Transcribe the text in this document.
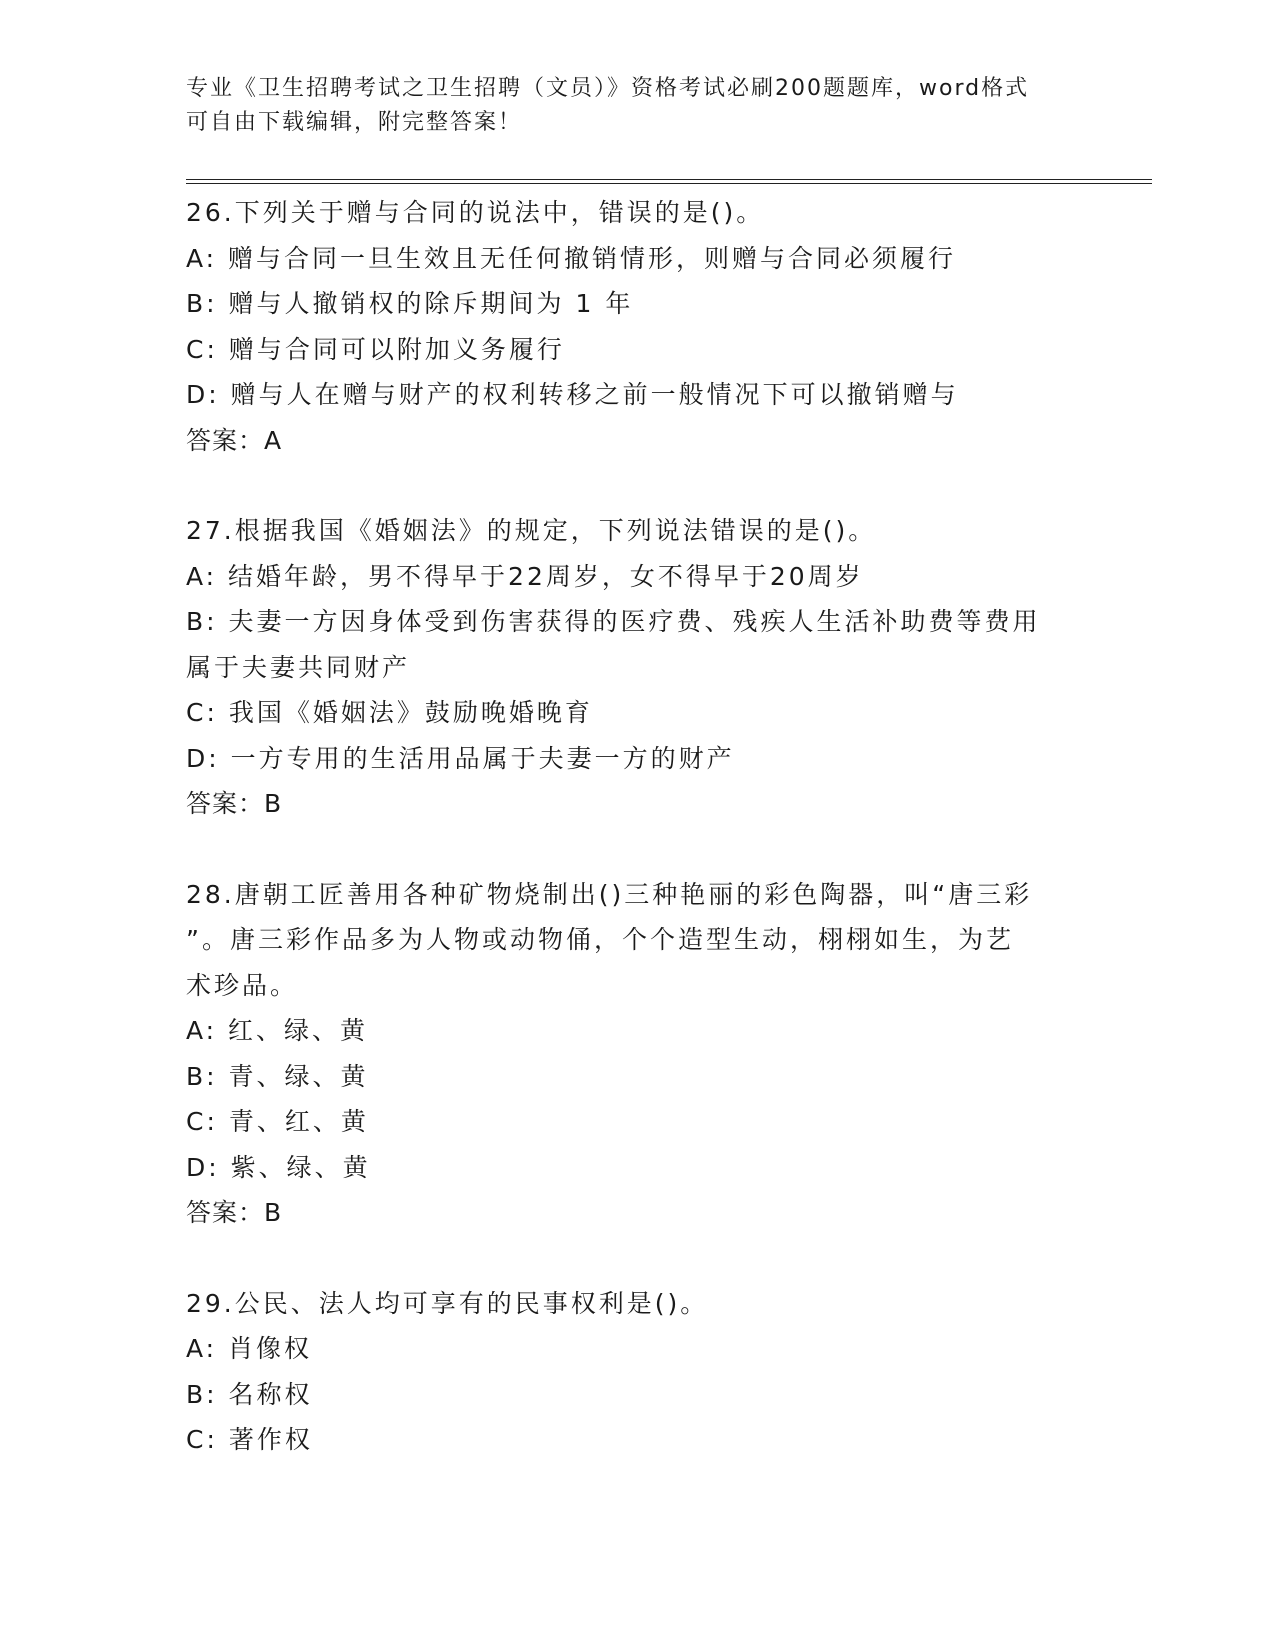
专业《卫生招聘考试之卫生招聘（文员）》资格考试必刷200题题库，word格式
可自由下载编辑，附完整答案！
26.下列关于赠与合同的说法中，错误的是()。
A: 赠与合同一旦生效且无任何撤销情形，则赠与合同必须履行
B: 赠与人撤销权的除斥期间为 1 年
C: 赠与合同可以附加义务履行
D: 赠与人在赠与财产的权利转移之前一般情况下可以撤销赠与
答案：A
27.根据我国《婚姻法》的规定，下列说法错误的是()。
A: 结婚年龄，男不得早于22周岁，女不得早于20周岁
B: 夫妻一方因身体受到伤害获得的医疗费、残疾人生活补助费等费用
属于夫妻共同财产
C: 我国《婚姻法》鼓励晚婚晚育
D: 一方专用的生活用品属于夫妻一方的财产
答案：B
28.唐朝工匠善用各种矿物烧制出()三种艳丽的彩色陶器，叫“唐三彩
”。唐三彩作品多为人物或动物俑，个个造型生动，栩栩如生，为艺
术珍品。
A: 红、绿、黄
B: 青、绿、黄
C: 青、红、黄
D: 紫、绿、黄
答案：B
29.公民、法人均可享有的民事权利是()。
A: 肖像权
B: 名称权
C: 著作权
